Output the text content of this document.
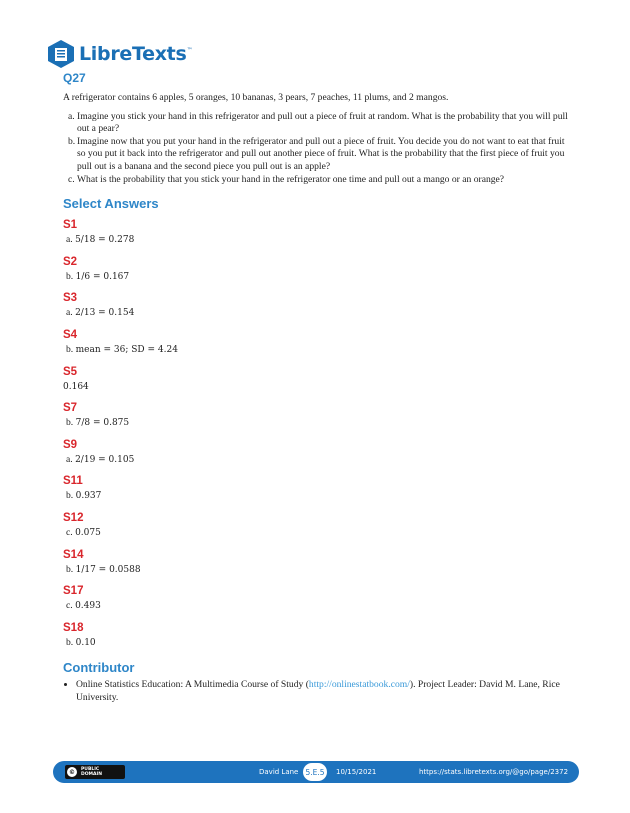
LibreTexts ™
Q27

A refrigerator contains 6 apples, 5 oranges, 10 bananas, 3 pears, 7 peaches, 11 plums, and 2 mangos.

a. Imagine you stick your hand in this refrigerator and pull out a piece of fruit at random. What is the probability that you will pull out a pear?
b. Imagine now that you put your hand in the refrigerator and pull out a piece of fruit. You decide you do not want to eat that fruit so you put it back into the refrigerator and pull out another piece of fruit. What is the probability that the first piece of fruit you pull out is a banana and the second piece you pull out is an apple?
c. What is the probability that you stick your hand in the refrigerator one time and pull out a mango or an orange?
Select Answers
S1

a. 5/18 = 0.278

S2

b. 1/6 = 0.167

S3

a. 2/13 = 0.154

S4

b. mean = 36; SD = 4.24

S5

0.164

S7

b. 7/8 = 0.875

S9

a. 2/19 = 0.105

S11

b. 0.937

S12

c. 0.075

S14

b. 1/17 = 0.0588

S17

c. 0.493

S18

b. 0.10

Contributor
• Online Statistics Education: A Multimedia Course of Study (http://onlinestatbook.com/). Project Leader: David M. Lane, Rice University.
©	PUBLIC
DOMAIN	David Lane 5.E.5	10/15/2021	https://stats.libretexts.org/@go/page/2372
